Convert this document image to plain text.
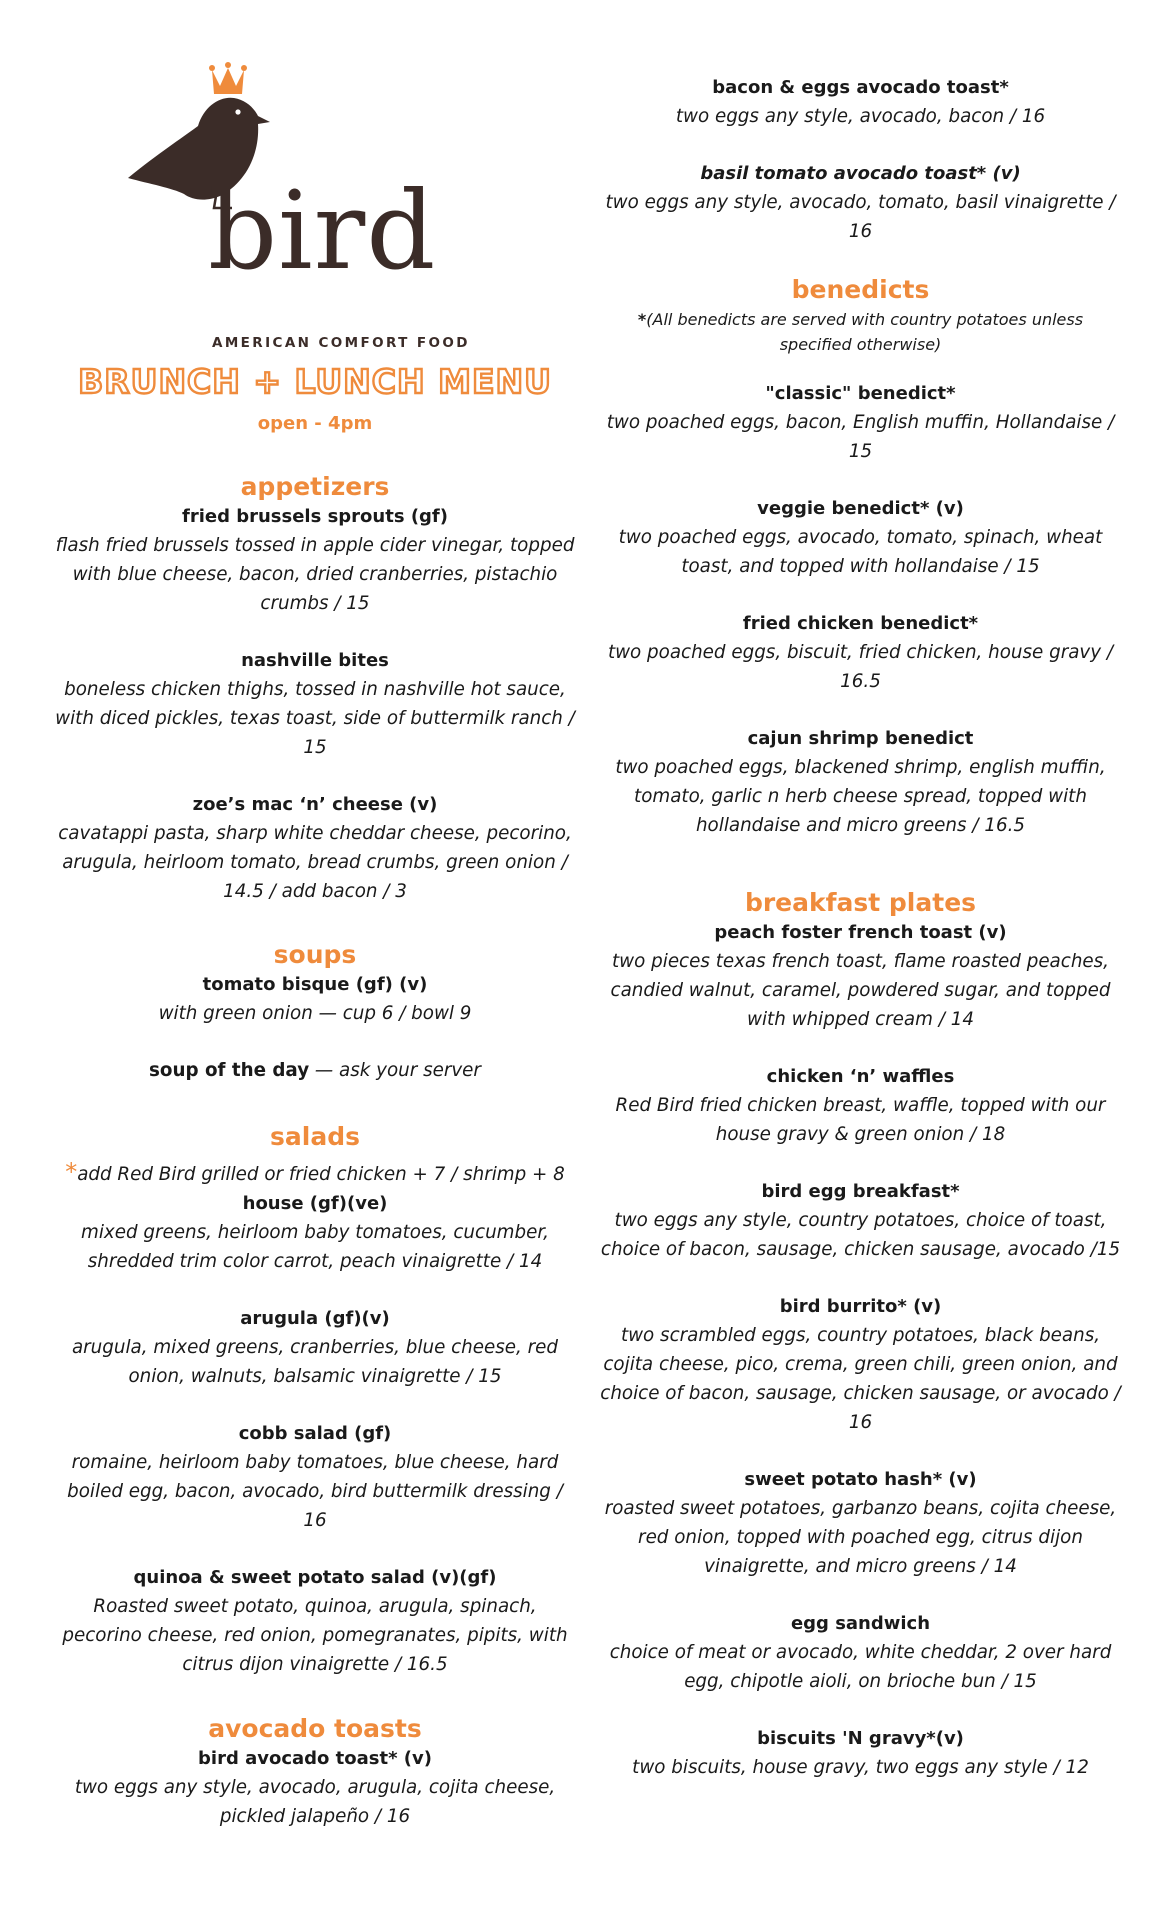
bird
AMERICAN COMFORT FOOD
BRUNCH + LUNCH MENU
open - 4pm
appetizers
fried brussels sprouts (gf)
flash fried brussels tossed in apple cider vinegar, topped with blue cheese, bacon, dried cranberries, pistachio crumbs / 15
nashville bites
boneless chicken thighs, tossed in nashville hot sauce, with diced pickles, texas toast, side of buttermilk ranch / 15
zoe’s mac ‘n’ cheese (v)
cavatappi pasta, sharp white cheddar cheese, pecorino, arugula, heirloom tomato, bread crumbs, green onion / 14.5 / add bacon / 3
soups
tomato bisque (gf) (v)
with green onion — cup 6 / bowl 9
soup of the day — ask your server
salads
*add Red Bird grilled or fried chicken + 7 / shrimp + 8
house (gf)(ve)
mixed greens, heirloom baby tomatoes, cucumber, shredded trim color carrot, peach vinaigrette / 14
arugula (gf)(v)
arugula, mixed greens, cranberries, blue cheese, red onion, walnuts, balsamic vinaigrette / 15
cobb salad (gf)
romaine, heirloom baby tomatoes, blue cheese, hard boiled egg, bacon, avocado, bird buttermilk dressing / 16
quinoa & sweet potato salad (v)(gf)
Roasted sweet potato, quinoa, arugula, spinach, pecorino cheese, red onion, pomegranates, pipits, with citrus dijon vinaigrette / 16.5
avocado toasts
bird avocado toast* (v)
two eggs any style, avocado, arugula, cojita cheese, pickled jalapeño / 16
bacon & eggs avocado toast*
two eggs any style, avocado, bacon / 16
basil tomato avocado toast* (v)
two eggs any style, avocado, tomato, basil vinaigrette / 16
benedicts
*(All benedicts are served with country potatoes unless specified otherwise)
"classic" benedict*
two poached eggs, bacon, English muffin, Hollandaise / 15
veggie benedict* (v)
two poached eggs, avocado, tomato, spinach, wheat toast, and topped with hollandaise / 15
fried chicken benedict*
two poached eggs, biscuit, fried chicken, house gravy / 16.5
cajun shrimp benedict
two poached eggs, blackened shrimp, english muffin, tomato, garlic n herb cheese spread, topped with hollandaise and micro greens / 16.5
breakfast plates
peach foster french toast (v)
two pieces texas french toast, flame roasted peaches, candied walnut, caramel, powdered sugar, and topped with whipped cream / 14
chicken ‘n’ waffles
Red Bird fried chicken breast, waffle, topped with our house gravy & green onion / 18
bird egg breakfast*
two eggs any style, country potatoes, choice of toast, choice of bacon, sausage, chicken sausage, avocado /15
bird burrito* (v)
two scrambled eggs, country potatoes, black beans, cojita cheese, pico, crema, green chili, green onion, and choice of bacon, sausage, chicken sausage, or avocado / 16
sweet potato hash* (v)
roasted sweet potatoes, garbanzo beans, cojita cheese, red onion, topped with poached egg, citrus dijon vinaigrette, and micro greens / 14
egg sandwich
choice of meat or avocado, white cheddar, 2 over hard egg, chipotle aioli, on brioche bun / 15
biscuits 'N gravy*(v)
two biscuits, house gravy, two eggs any style / 12
